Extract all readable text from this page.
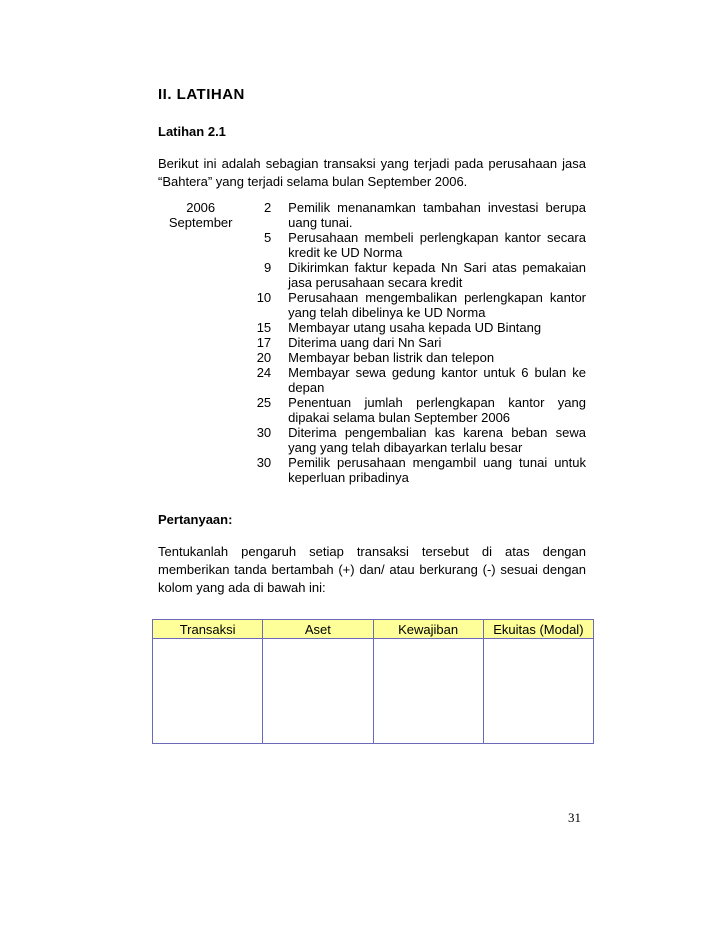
II. LATIHAN
Latihan 2.1
Berikut ini adalah sebagian transaksi yang terjadi pada perusahaan jasa “Bahtera” yang terjadi selama bulan September 2006.
2006 September
2 Pemilik menanamkan tambahan investasi berupa uang tunai.
5 Perusahaan membeli perlengkapan kantor secara kredit ke UD Norma
9 Dikirimkan faktur kepada Nn Sari atas pemakaian jasa perusahaan secara kredit
10 Perusahaan mengembalikan perlengkapan kantor yang telah dibelinya ke UD Norma
15 Membayar utang usaha kepada UD Bintang
17 Diterima uang dari Nn Sari
20 Membayar beban listrik dan telepon
24 Membayar sewa gedung kantor untuk 6 bulan ke depan
25 Penentuan jumlah perlengkapan kantor yang dipakai selama bulan September 2006
30 Diterima pengembalian kas karena beban sewa yang yang telah dibayarkan terlalu besar
30 Pemilik perusahaan mengambil uang tunai untuk keperluan pribadinya
Pertanyaan:
Tentukanlah pengaruh setiap transaksi tersebut di atas dengan memberikan tanda bertambah (+) dan/ atau berkurang (-) sesuai dengan kolom yang ada di bawah ini:
Transaksi	Aset	Kewajiban	Ekuitas (Modal)

31
